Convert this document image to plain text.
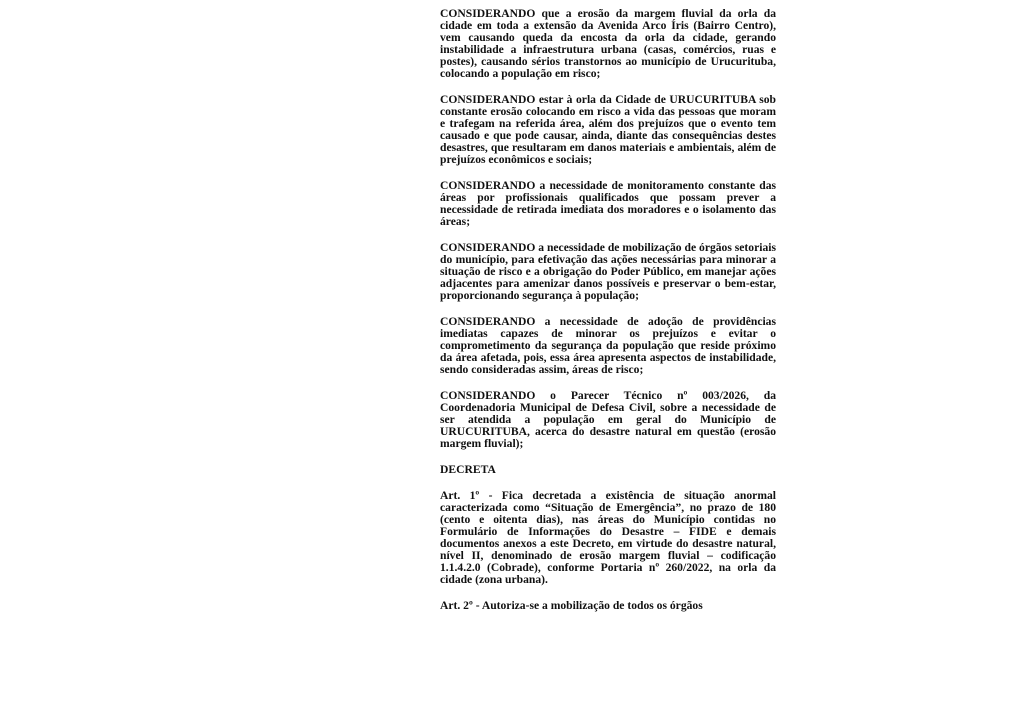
CONSIDERANDO que a erosão da margem fluvial da orla da cidade em toda a extensão da Avenida Arco Íris (Bairro Centro), vem causando queda da encosta da orla da cidade, gerando instabilidade a infraestrutura urbana (casas, comércios, ruas e postes), causando sérios transtornos ao município de Urucurituba, colocando a população em risco;

CONSIDERANDO estar à orla da Cidade de URUCURITUBA sob constante erosão colocando em risco a vida das pessoas que moram e trafegam na referida área, além dos prejuízos que o evento tem causado e que pode causar, ainda, diante das consequências destes desastres, que resultaram em danos materiais e ambientais, além de prejuízos econômicos e sociais;

CONSIDERANDO a necessidade de monitoramento constante das áreas por profissionais qualificados que possam prever a necessidade de retirada imediata dos moradores e o isolamento das áreas;

CONSIDERANDO a necessidade de mobilização de órgãos setoriais do município, para efetivação das ações necessárias para minorar a situação de risco e a obrigação do Poder Público, em manejar ações adjacentes para amenizar danos possíveis e preservar o bem-estar, proporcionando segurança à população;

CONSIDERANDO a necessidade de adoção de providências imediatas capazes de minorar os prejuízos e evitar o comprometimento da segurança da população que reside próximo da área afetada, pois, essa área apresenta aspectos de instabilidade, sendo consideradas assim, áreas de risco;

CONSIDERANDO o Parecer Técnico nº 003/2026, da Coordenadoria Municipal de Defesa Civil, sobre a necessidade de ser atendida a população em geral do Município de URUCURITUBA, acerca do desastre natural em questão (erosão margem fluvial);

DECRETA

Art. 1º - Fica decretada a existência de situação anormal caracterizada como “Situação de Emergência”, no prazo de 180 (cento e oitenta dias), nas áreas do Município contidas no Formulário de Informações do Desastre – FIDE e demais documentos anexos a este Decreto, em virtude do desastre natural, nível II, denominado de erosão margem fluvial – codificação 1.1.4.2.0 (Cobrade), conforme Portaria nº 260/2022, na orla da cidade (zona urbana).

Art. 2º - Autoriza-se a mobilização de todos os órgãos
